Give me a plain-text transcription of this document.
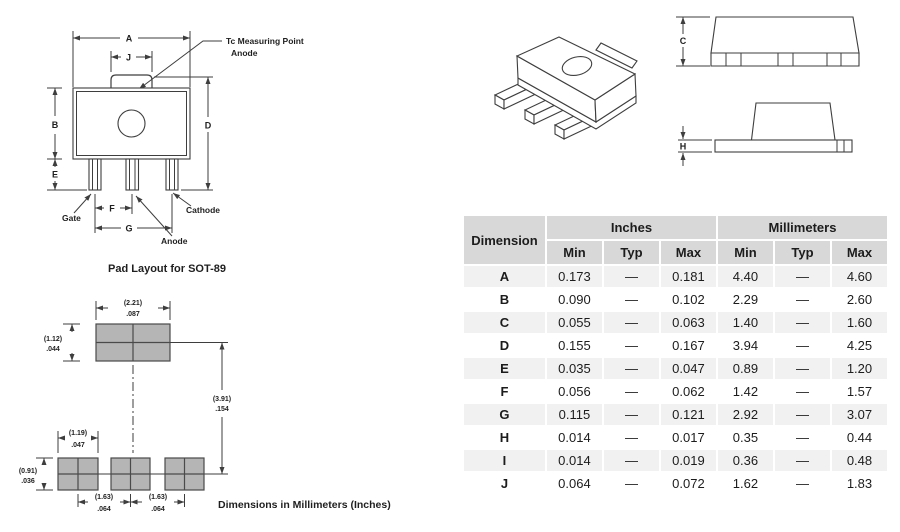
A
J
Tc Measuring Point
Anode
B
E
D
F
G
Gate
Cathode
Anode
C
H
Pad Layout for SOT-89
(2.21)
.087
(1.12)
.044
(3.91)
.154
(1.19)
.047
(0.91)
.036
(1.63)
.064
(1.63)
.064	Dimensions in Millimeters (Inches)
Dimension	Inches			Millimeters		
	Min	Typ	Max	Min	Typ	Max
A	0.173	—	0.181	4.40	—	4.60
B	0.090	—	0.102	2.29	—	2.60
C	0.055	—	0.063	1.40	—	1.60
D	0.155	—	0.167	3.94	—	4.25
E	0.035	—	0.047	0.89	—	1.20
F	0.056	—	0.062	1.42	—	1.57
G	0.115	—	0.121	2.92	—	3.07
H	0.014	—	0.017	0.35	—	0.44
I	0.014	—	0.019	0.36	—	0.48
J	0.064	—	0.072	1.62	—	1.83
